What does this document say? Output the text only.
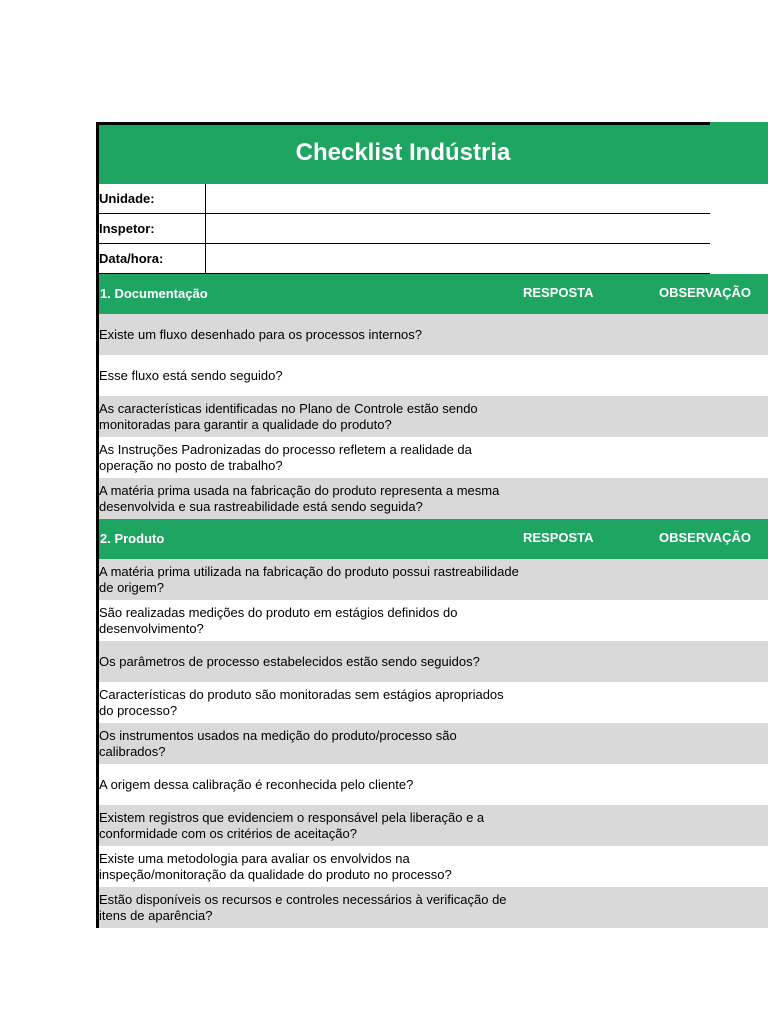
Checklist Indústria
Unidade:
Inspetor:
Data/hora:
1. Documentação	RESPOSTA	OBSERVAÇÃO
Existe um fluxo desenhado para os processos internos?
Esse fluxo está sendo seguido?
As características identificadas no Plano de Controle estão sendo monitoradas para garantir a qualidade do produto?
As Instruções Padronizadas do processo refletem a realidade da operação no posto de trabalho?
A matéria prima usada na fabricação do produto representa a mesma desenvolvida e sua rastreabilidade está sendo seguida?
2. Produto	RESPOSTA	OBSERVAÇÃO
A matéria prima utilizada na fabricação do produto possui rastreabilidade de origem?
São realizadas medições do produto em estágios definidos do desenvolvimento?
Os parâmetros de processo estabelecidos estão sendo seguidos?
Características do produto são monitoradas sem estágios apropriados do processo?
Os instrumentos usados na medição do produto/processo são calibrados?
A origem dessa calibração é reconhecida pelo cliente?
Existem registros que evidenciem o responsável pela liberação e a conformidade com os critérios de aceitação?
Existe uma metodologia para avaliar os envolvidos na inspeção/monitoração da qualidade do produto no processo?
Estão disponíveis os recursos e controles necessários à verificação de itens de aparência?
